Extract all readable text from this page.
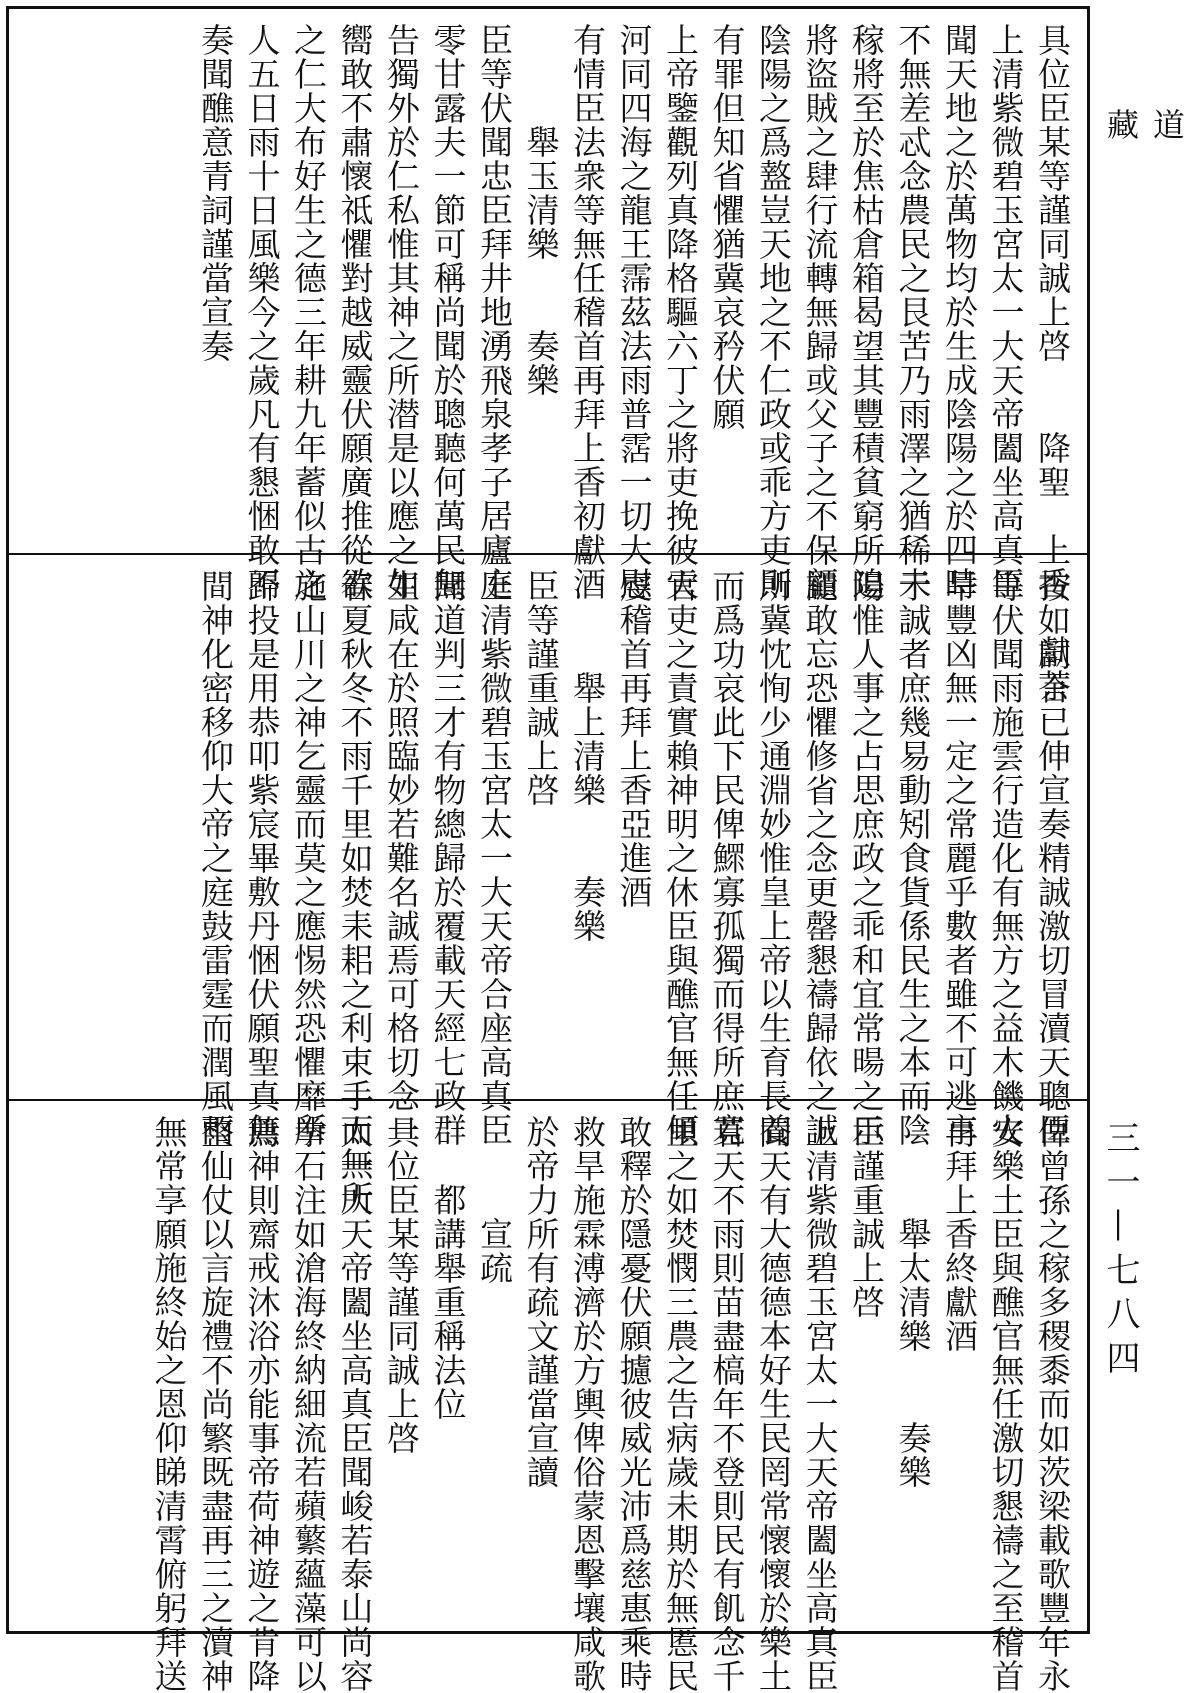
具位臣某等謹同誠上啓　　降聖　上香　獻茶
上清紫微碧玉宮太一大天帝闔坐高真臣
聞天地之於萬物均於生成陰陽之於四時
不無差忒念農民之艮苦乃雨澤之猶稀未
稼將至於焦枯倉箱曷望其豐積貧窮所迫
將盜賊之肆行流轉無歸或父子之不保顧
陰陽之爲盩豈天地之不仁政或乖方吏則
有罪但知省懼猶冀哀矜伏願
上帝鑒觀列真降格驅六丁之將吏挽彼天
河同四海之龍王霈茲法雨普霑一切大慰
有情臣法衆等無任稽首再拜上香初獻酒
　　　舉玉清樂　　奏樂
臣等伏聞忠臣拜井地湧飛泉孝子居廬庭
零甘露夫一節可稱尚聞於聰聽何萬民無
告獨外於仁私惟其神之所潜是以應之如
嚮敢不肅懷祗懼對越威靈伏願廣推從欲
之仁大布好生之德三年耕九年蓄似古之
人五日雨十日風樂今之歲凡有懇悃敢不
奏聞醮意青詞謹當宣奏
按如詞言已伸宣奏精誠激切冒瀆天聰臣
等伏聞雨施雲行造化有無方之益木饑火
旱豐凶無一定之常麗乎數者雖不可逃享
于誠者庶幾易動矧食貨係民生之本而陰
陽惟人事之占思庶政之乖和宜常暘之示
譴敢忘恐懼修省之念更罄懇禱歸依之誠
所冀忱恂少通淵妙惟皇上帝以生育長養
而爲功哀此下民俾鰥寡孤獨而得所庶寬
官吏之責實賴神明之休臣與醮官無任傾
虔稽首再拜上香亞進酒
　　　舉上清樂　　奏樂
臣等謹重誠上啓
上清紫微碧玉宮太一大天帝合座高真臣
聞道判三才有物總歸於覆載天經七政群
生咸在於照臨妙若難名誠焉可格切念一
春夏秋冬不雨千里如焚耒耜之利束手而無所
施山川之神乞靈而莫之應惕然恐懼靡所
歸投是用恭叩紫宸畢敷丹悃伏願聖真無
間神化密移仰大帝之庭鼓雷霆而潤風雨
俾曾孫之稼多稷黍而如茨梁載歌豐年永
安樂土臣與醮官無任激切懇禱之至稽首
再拜上香終獻酒
　　　舉太清樂　　奏樂
臣謹重誠上啓
上清紫微碧玉宮太一大天帝闔坐高真臣
聞天有大德德本好生民罔常懷懷於樂土
若天不雨則苗盡槁年不登則民有飢念千
里之如焚憫三農之告病歲未期於無慝民
敢釋於隱憂伏願攄彼威光沛爲慈惠乘時
救旱施霖溥濟於方輿俾俗蒙恩擊壤咸歌
於帝力所有疏文謹當宣讀
　　　宣疏
　　都講舉重稱法位
具位臣某等謹同誠上啓
太一大天帝闔坐高真臣聞峻若泰山尚容
拳石注如滄海終納細流若蘋蘩蘊藻可以
薦神則齋戒沐浴亦能事帝荷神遊之肯降
整仙仗以言旋禮不尚繁既盡再三之瀆神
無常享願施終始之恩仰睇清霄俯躬拜送
道
藏
三一—七八四
